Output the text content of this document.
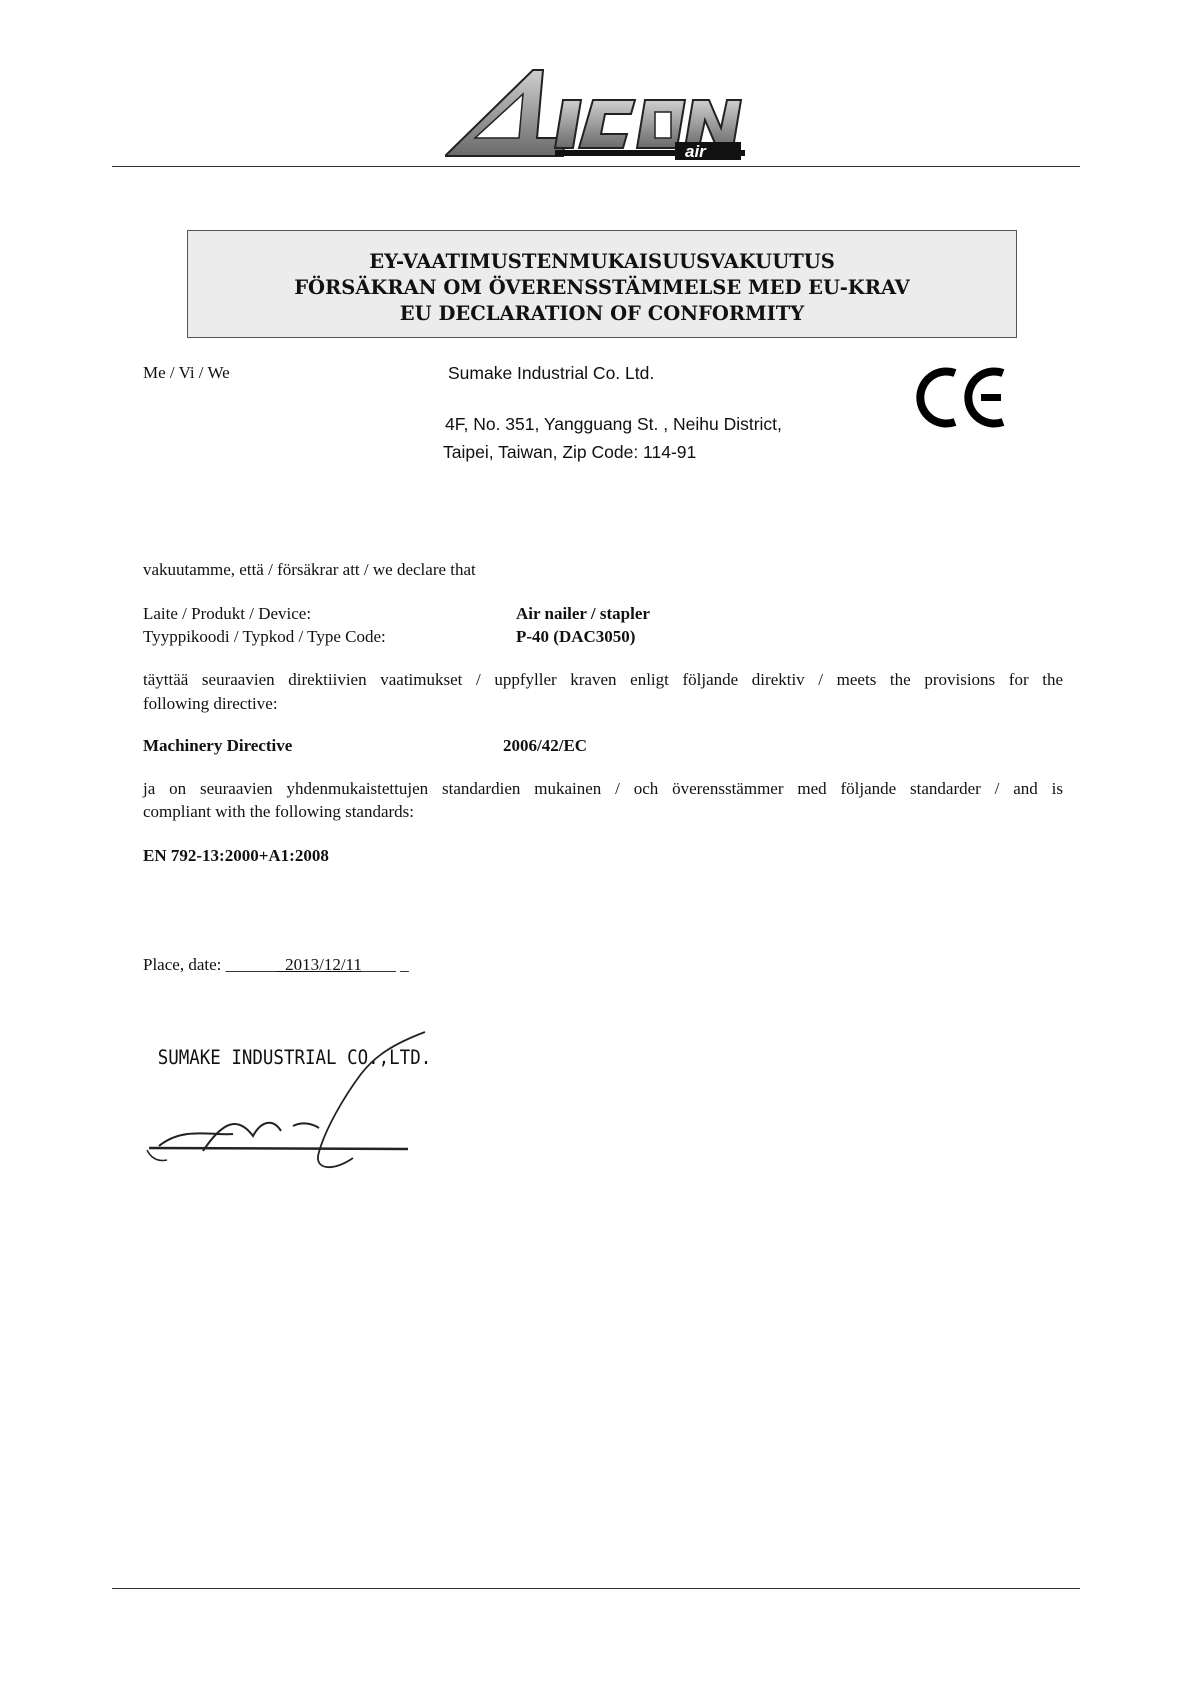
air
EY-VAATIMUSTENMUKAISUUSVAKUUTUS
FÖRSÄKRAN OM ÖVERENSSTÄMMELSE MED EU-KRAV
EU DECLARATION OF CONFORMITY
Me / Vi / We	Sumake Industrial Co. Ltd.
4F, No. 351, Yangguang St. , Neihu District,
Taipei, Taiwan, Zip Code: 114-91
vakuutamme, että / försäkrar att / we declare that
Laite / Produkt / Device:	Air nailer / stapler
Tyyppikoodi / Typkod / Type Code:	P-40 (DAC3050)
täyttää seuraavien direktiivien vaatimukset / uppfyller kraven enligt följande direktiv / meets the provisions for the
following directive:
Machinery Directive	2006/42/EC
ja on seuraavien yhdenmukaistettujen standardien mukainen / och överensstämmer med följande standarder / and is
compliant with the following standards:
EN 792-13:2000+A1:2008
Place, date: _______2013/12/11____ _
SUMAKE INDUSTRIAL CO.,LTD.
